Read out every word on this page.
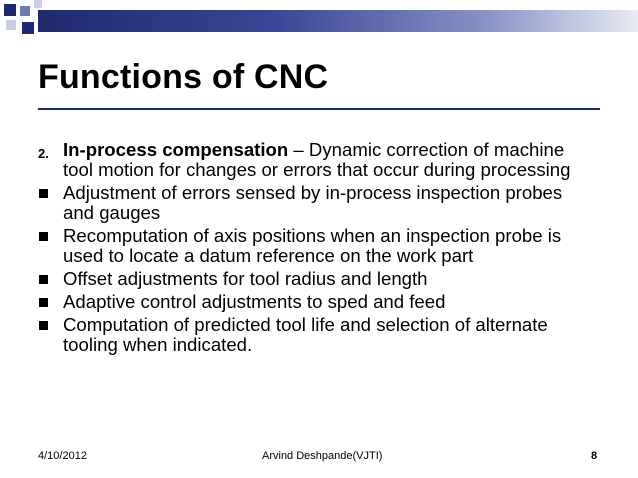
Functions of CNC
2. In-process compensation – Dynamic correction of machine tool motion for changes or errors that occur during processing
Adjustment of errors sensed by in-process inspection probes and gauges
Recomputation of axis positions when an inspection probe is used to locate a datum reference on the work part
Offset adjustments for tool radius and length
Adaptive control adjustments to sped and feed
Computation of predicted tool life and selection of alternate tooling when indicated.
4/10/2012	Arvind Deshpande(VJTI)	8
